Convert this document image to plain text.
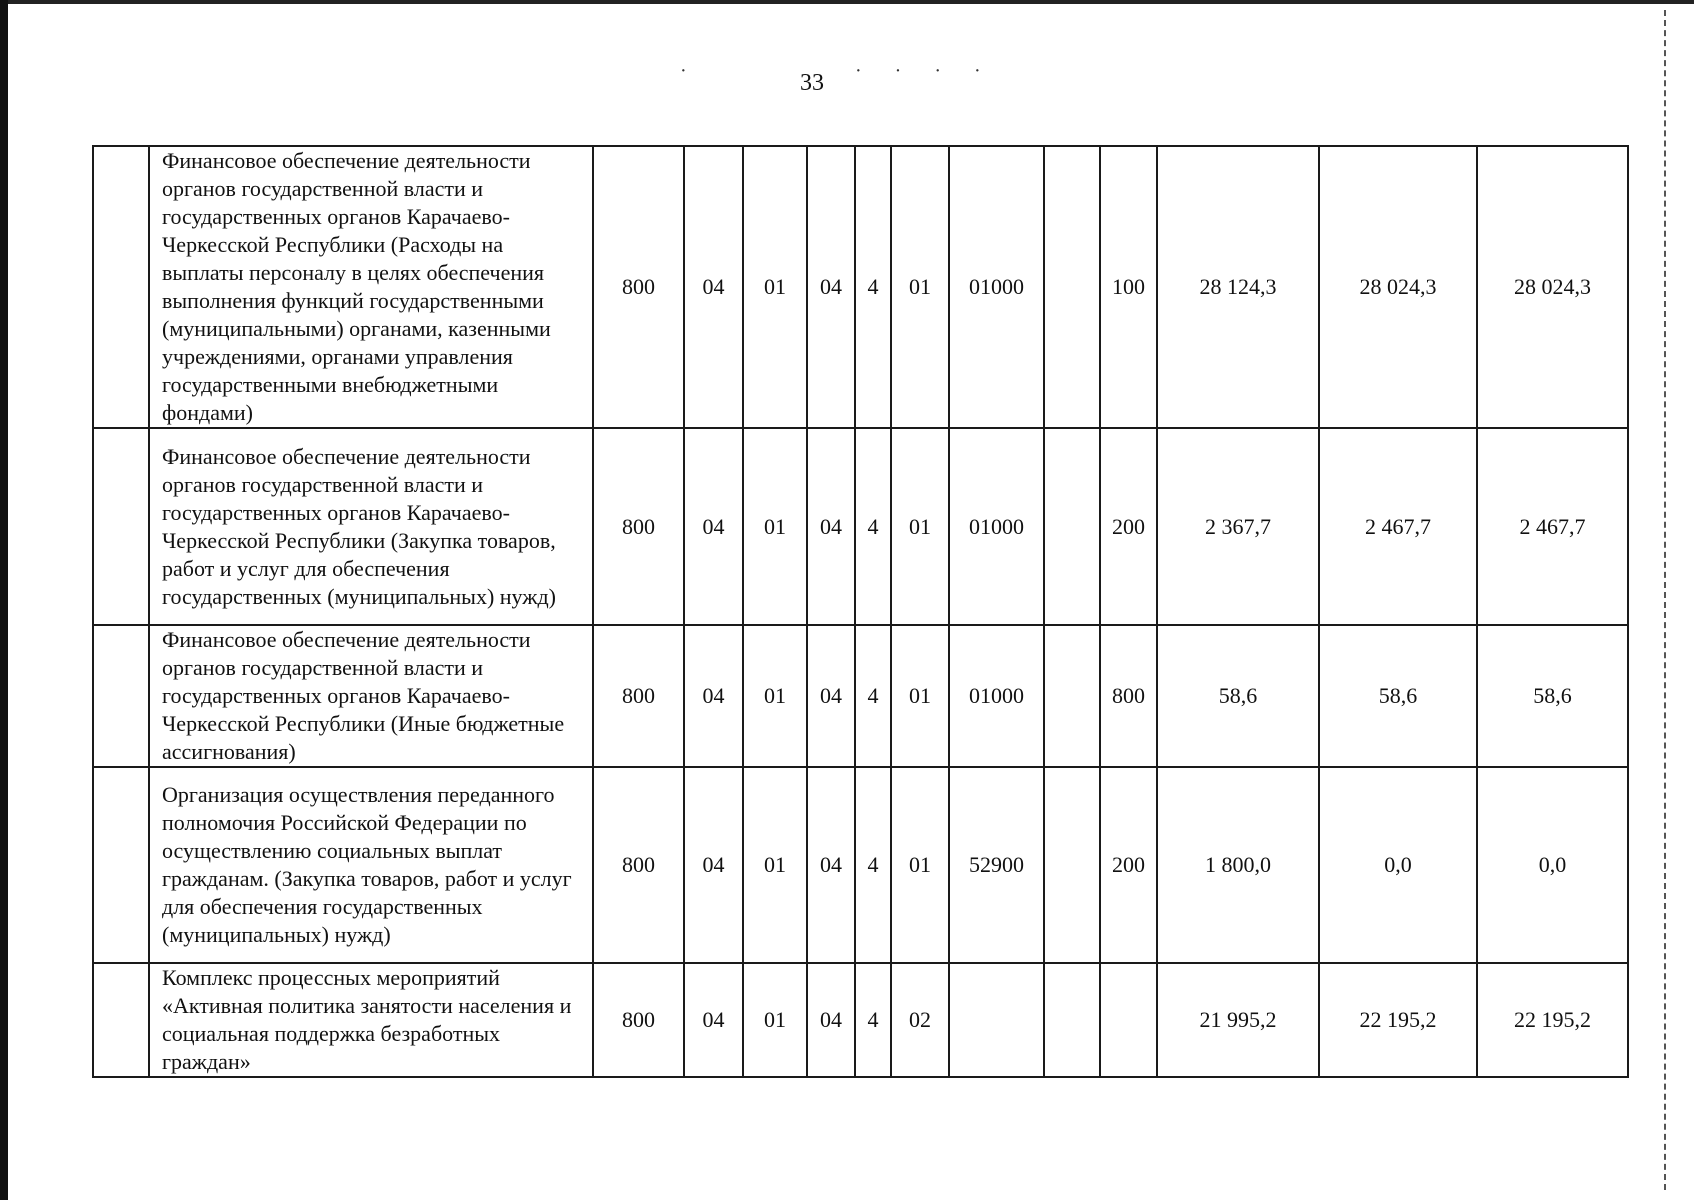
·	· · · ·
33
	Финансовое обеспечение деятельности органов государственной власти и государственных органов Карачаево-Черкесской Республики (Расходы на выплаты персоналу в целях обеспечения выполнения функций государственными (муниципальными) органами, казенными учреждениями, органами управления государственными внебюджетными фондами)	800	04	01	04	4	01	01000		100	28 124,3	28 024,3	28 024,3
	Финансовое обеспечение деятельности органов государственной власти и государственных органов Карачаево-Черкесской Республики (Закупка товаров, работ и услуг для обеспечения государственных (муниципальных) нужд)	800	04	01	04	4	01	01000		200	2 367,7	2 467,7	2 467,7
	Финансовое обеспечение деятельности органов государственной власти и государственных органов Карачаево-Черкесской Республики (Иные бюджетные ассигнования)	800	04	01	04	4	01	01000		800	58,6	58,6	58,6
	Организация осуществления переданного полномочия Российской Федерации по осуществлению социальных выплат гражданам. (Закупка товаров, работ и услуг для обеспечения государственных (муниципальных) нужд)	800	04	01	04	4	01	52900		200	1 800,0	0,0	0,0
	Комплекс процессных мероприятий «Активная политика занятости населения и социальная поддержка безработных граждан»	800	04	01	04	4	02				21 995,2	22 195,2	22 195,2
